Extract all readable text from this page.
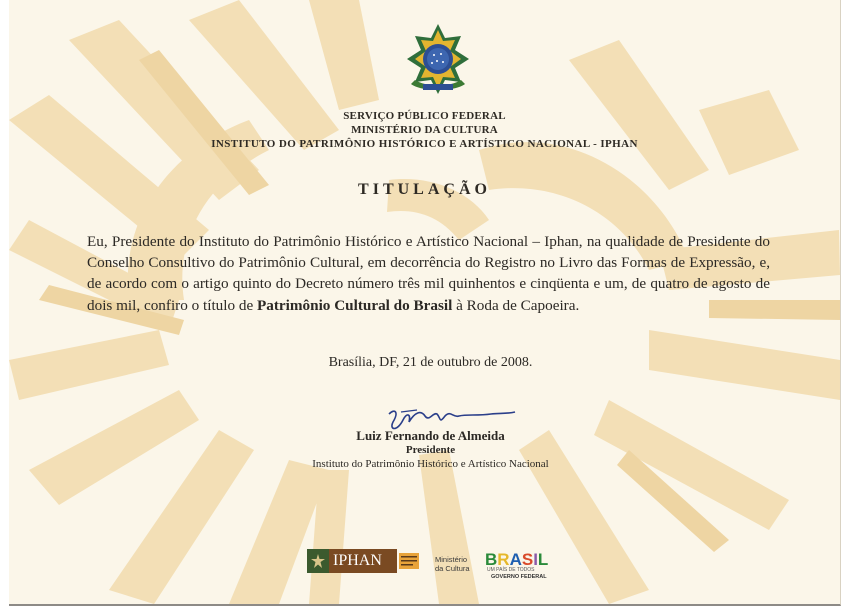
SERVIÇO PÚBLICO FEDERAL
MINISTÉRIO DA CULTURA
INSTITUTO DO PATRIMÔNIO HISTÓRICO E ARTÍSTICO NACIONAL - IPHAN
TITULAÇÃO
Eu, Presidente do Instituto do Patrimônio Histórico e Artístico Nacional – Iphan, na qualidade de Presidente do Conselho Consultivo do Patrimônio Cultural, em decorrência do Registro no Livro das Formas de Expressão, e, de acordo com o artigo quinto do Decreto número três mil quinhentos e cinqüenta e um, de quatro de agosto de dois mil, confiro o título de Patrimônio Cultural do Brasil à Roda de Capoeira.
Brasília, DF, 21 de outubro de 2008.
Luiz Fernando de Almeida
Presidente
Instituto do Patrimônio Histórico e Artístico Nacional
IPHAN	Ministério
da Cultura BRASIL
UM PAÍS DE TODOS
GOVERNO FEDERAL
